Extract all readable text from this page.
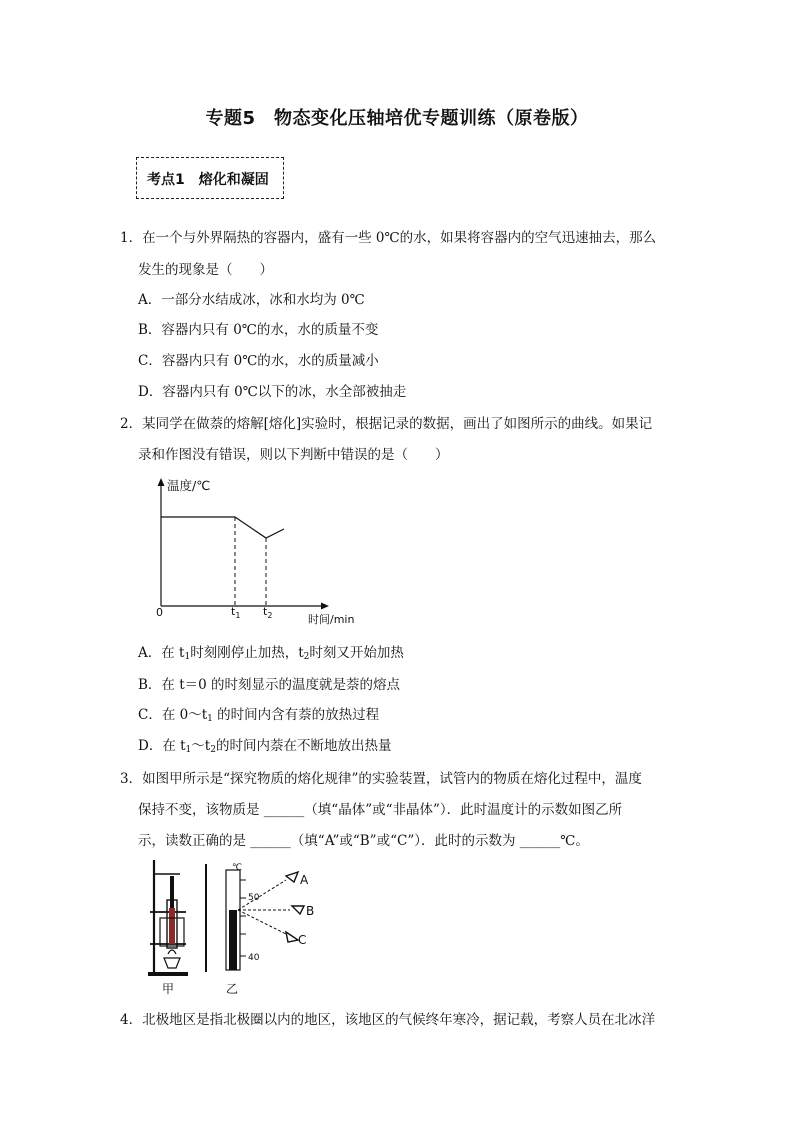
专题5　物态变化压轴培优专题训练（原卷版）
考点1　熔化和凝固
1．在一个与外界隔热的容器内，盛有一些 0℃的水，如果将容器内的空气迅速抽去，那么
发生的现象是（　　）
A．一部分水结成冰，冰和水均为 0℃
B．容器内只有 0℃的水，水的质量不变
C．容器内只有 0℃的水，水的质量减小
D．容器内只有 0℃以下的冰，水全部被抽走
2．某同学在做萘的熔解[熔化]实验时，根据记录的数据，画出了如图所示的曲线。如果记
录和作图没有错误，则以下判断中错误的是（　　）
温度/℃
0	$t_1$ $t_2$	时间/min
A．在 $t_1$时刻刚停止加热，$t_2$时刻又开始加热
B．在 t＝0 的时刻显示的温度就是萘的熔点
C．在 $0\sim t_1$ 的时间内含有萘的放热过程
D．在 $t_1\sim t_2$的时间内萘在不断地放出热量
3．如图甲所示是“探究物质的熔化规律”的实验装置，试管内的物质在熔化过程中，温度
保持不变，该物质是 ______（填“晶体”或“非晶体”）．此时温度计的示数如图乙所
示，读数正确的是 ______（填“A”或“B”或“C”）．此时的示数为 ______℃。
甲
℃
50
40
A
B
C
乙
4．北极地区是指北极圈以内的地区，该地区的气候终年寒冷，据记载，考察人员在北冰洋
